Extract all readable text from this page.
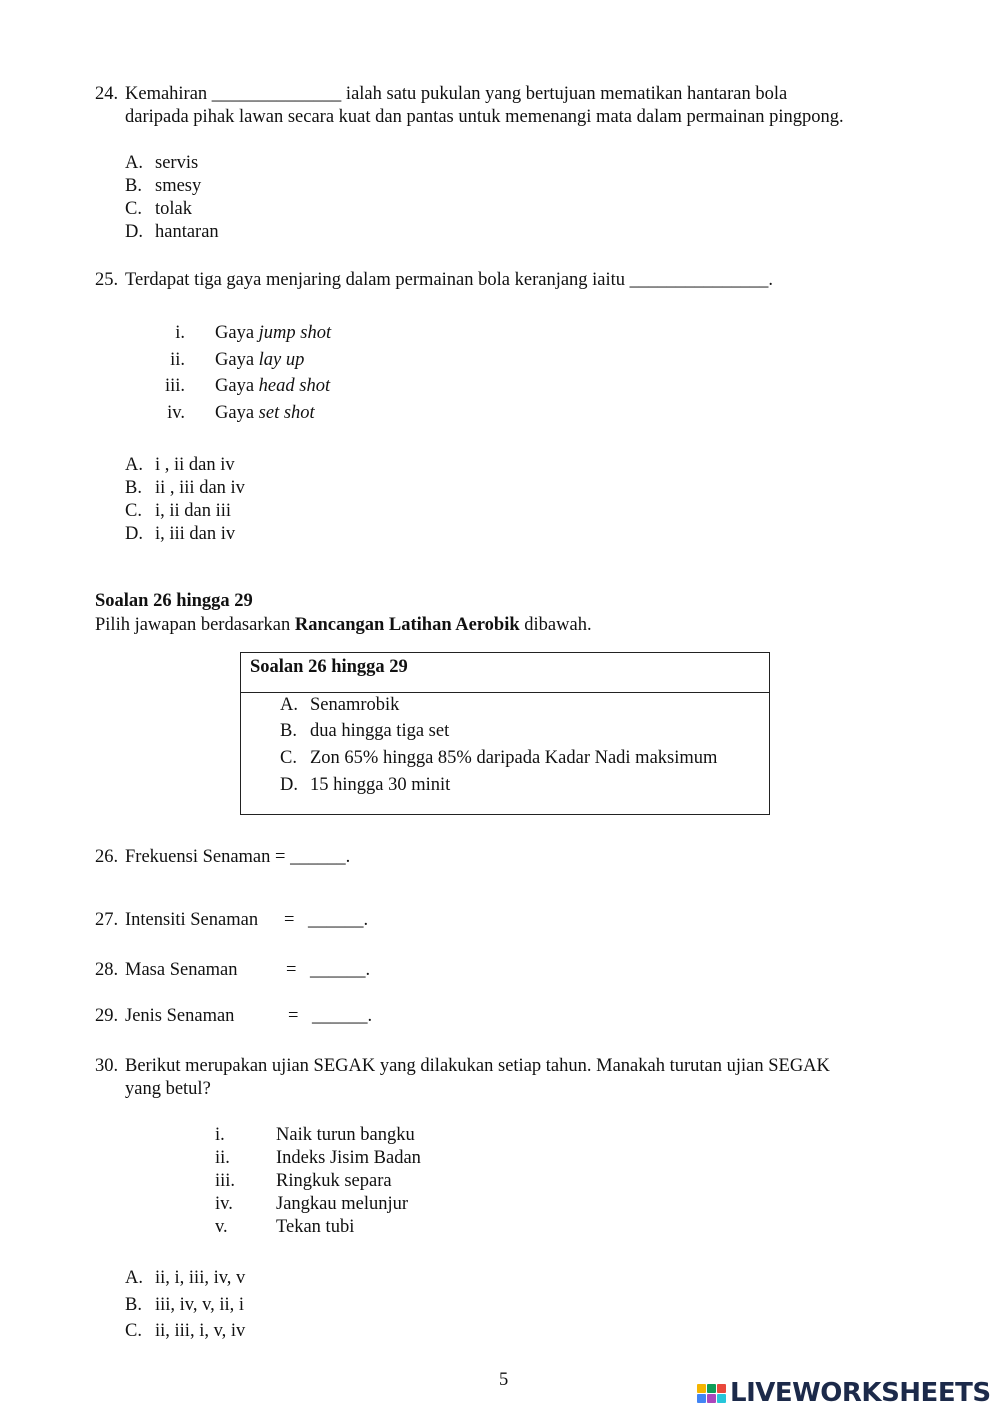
24. Kemahiran ______________ ialah satu pukulan yang bertujuan mematikan hantaran bola
daripada pihak lawan secara kuat dan pantas untuk memenangi mata dalam permainan pingpong.
A. servis
B. smesy
C. tolak
D. hantaran
25. Terdapat tiga gaya menjaring dalam permainan bola keranjang iaitu _______________.
i. Gaya jump shot
ii. Gaya lay up
iii. Gaya head shot
iv. Gaya set shot
A. i , ii dan iv
B. ii , iii dan iv
C. i, ii dan iii
D. i, iii dan iv
Soalan 26 hingga 29
Pilih jawapan berdasarkan Rancangan Latihan Aerobik dibawah.
Soalan 26 hingga 29
A. Senamrobik
B. dua hingga tiga set
C. Zon 65% hingga 85% daripada Kadar Nadi maksimum
D. 15 hingga 30 minit
26. Frekuensi Senaman = ______.
27. Intensiti Senaman = ______.
28. Masa Senaman	= ______.
29. Jenis Senaman	= ______.
30. Berikut merupakan ujian SEGAK yang dilakukan setiap tahun. Manakah turutan ujian SEGAK
yang betul?
i.	Naik turun bangku
ii. Indeks Jisim Badan
iii. Ringkuk separa
iv. Jangkau melunjur
v.	Tekan tubi
A. ii, i, iii, iv, v
B. iii, iv, v, ii, i
C. ii, iii, i, v, iv
5	LIVEWORKSHEETS
